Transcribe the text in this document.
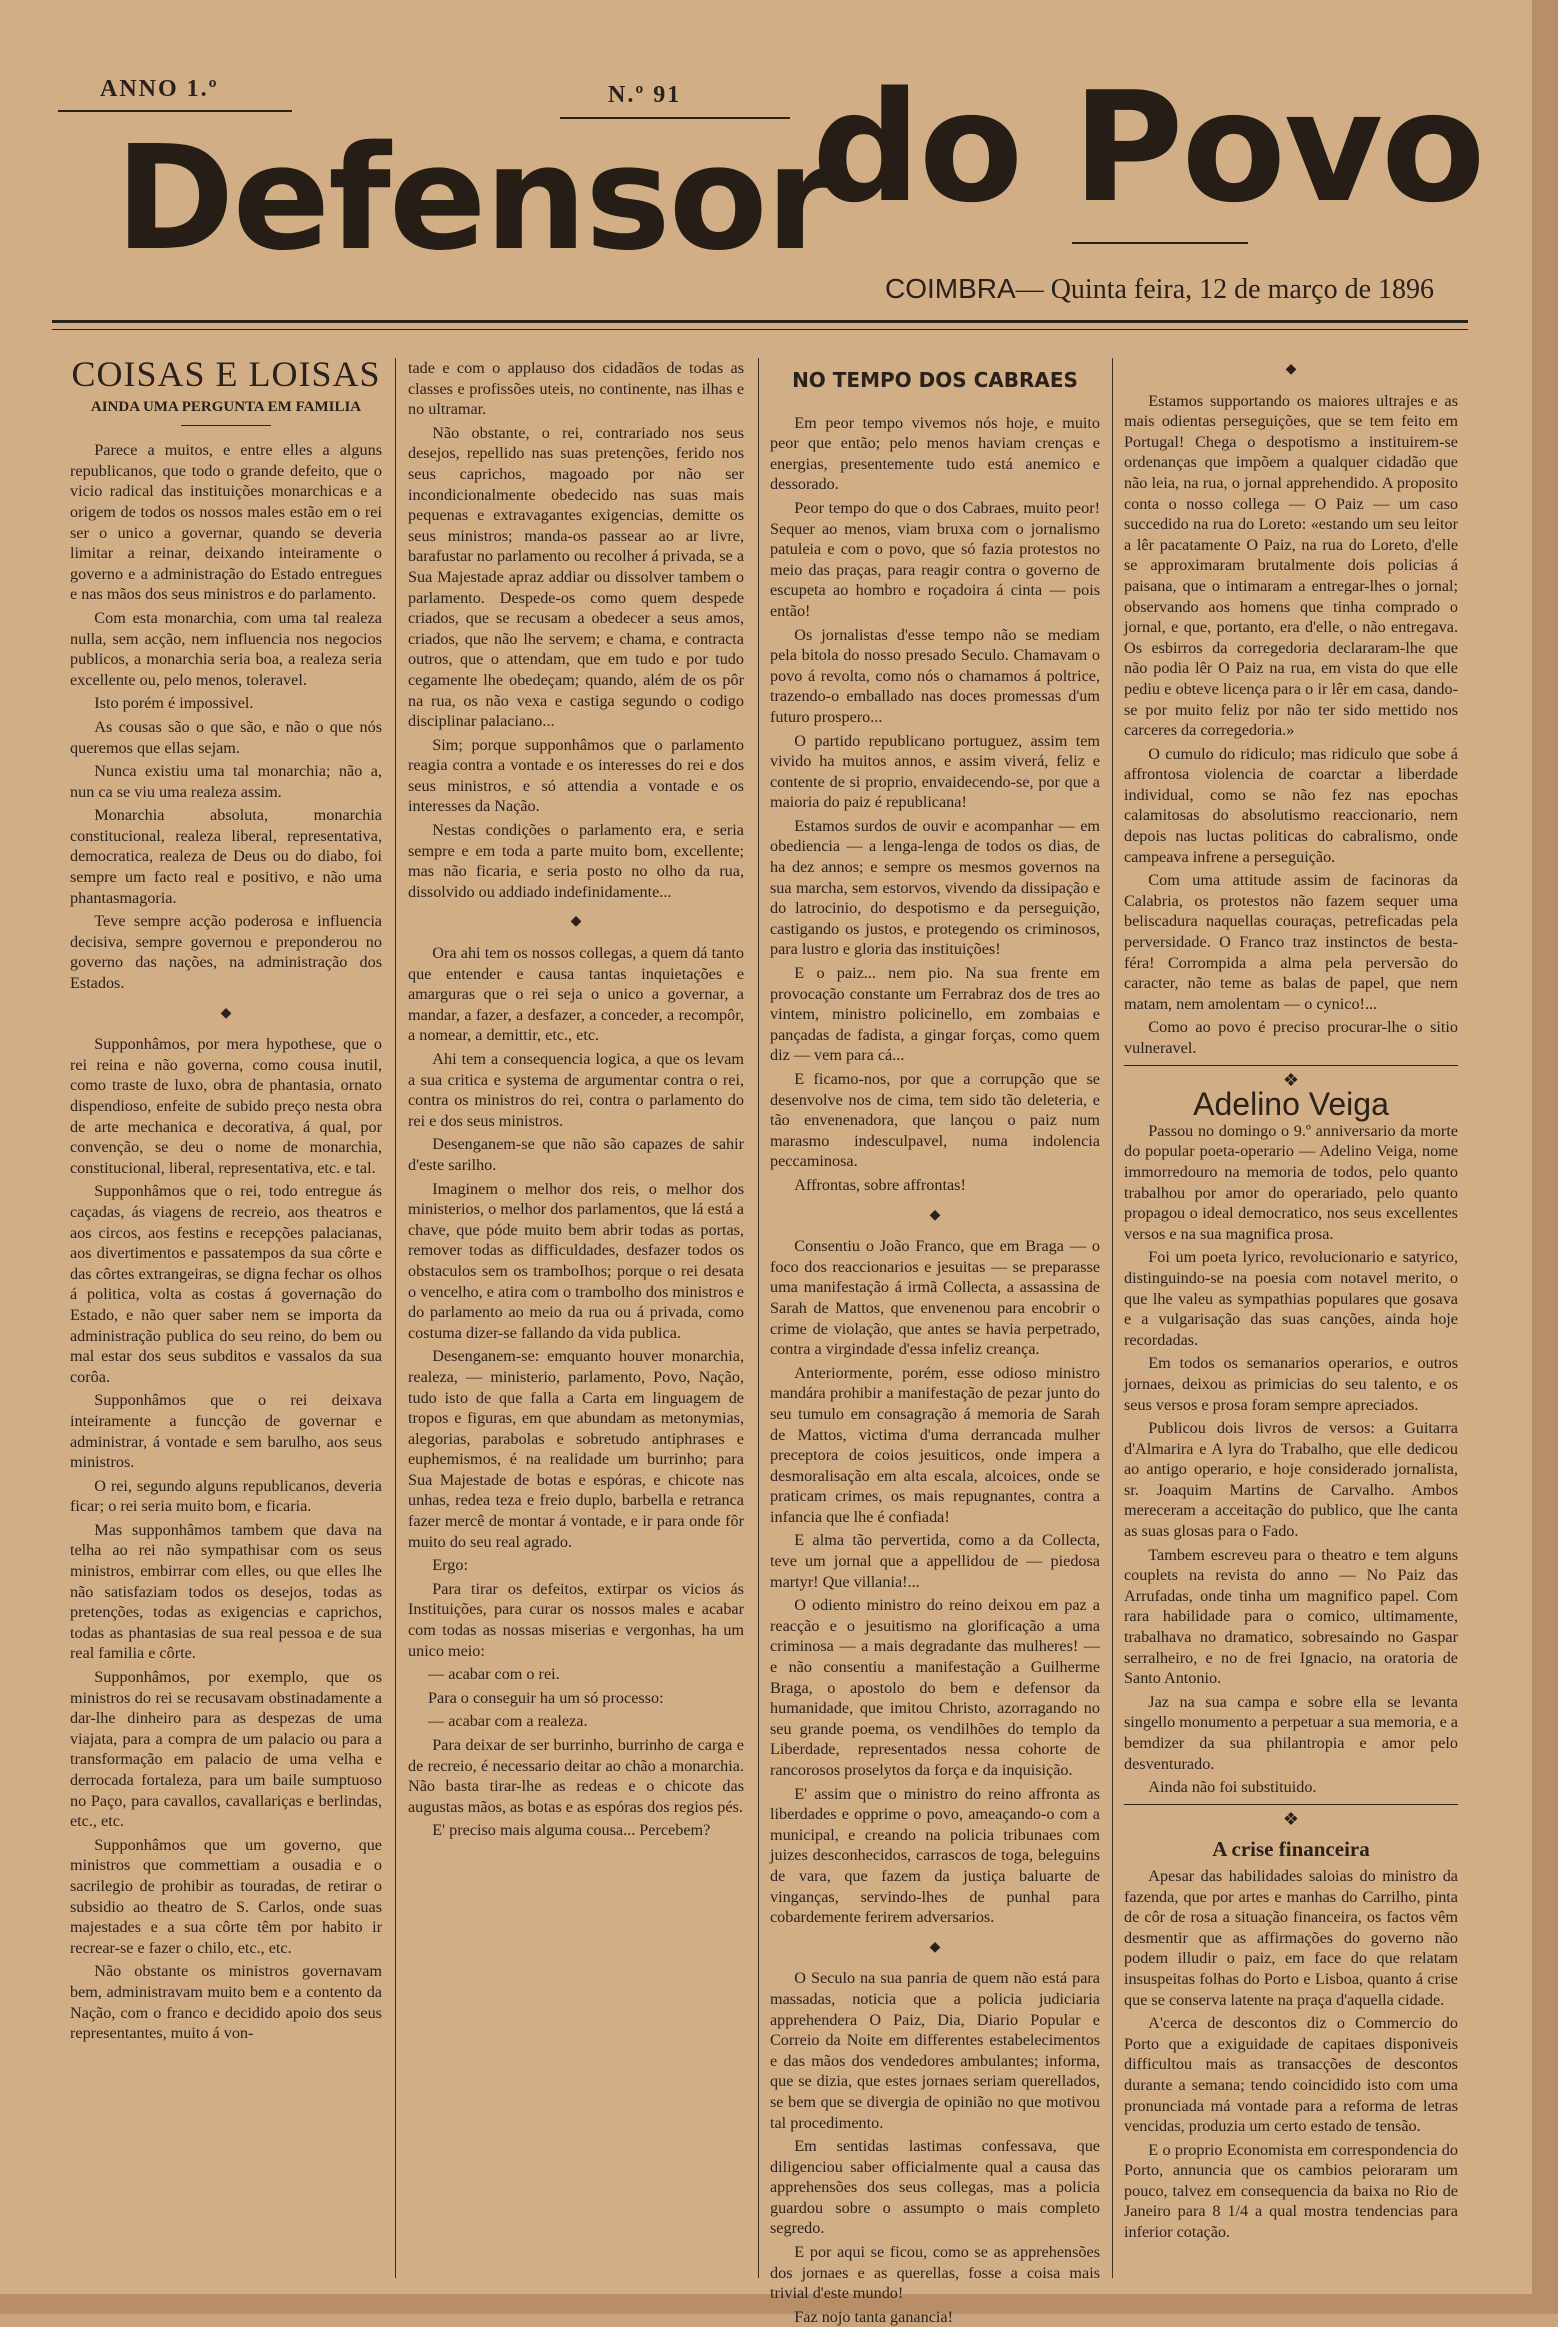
ANNO 1.º	N.º 91
Defensor
do Povo
COIMBRA— Quinta feira, 12 de março de 1896
COISAS E LOISAS
AINDA UMA PERGUNTA EM FAMILIA

Parece a muitos, e entre elles a alguns republicanos, que todo o grande defeito, que o vicio radical das instituições monarchicas e a origem de todos os nossos males estão em o rei ser o unico a governar, quando se deveria limitar a reinar, deixando inteiramente o governo e a administração do Estado entregues e nas mãos dos seus ministros e do parlamento.

Com esta monarchia, com uma tal realeza nulla, sem acção, nem influencia nos negocios publicos, a monarchia seria boa, a realeza seria excellente ou, pelo menos, toleravel.

Isto porém é impossivel.

As cousas são o que são, e não o que nós queremos que ellas sejam.

Nunca existiu uma tal monarchia; não a, nun ca se viu uma realeza assim.

Monarchia absoluta, monarchia constitucional, realeza liberal, representativa, democratica, realeza de Deus ou do diabo, foi sempre um facto real e positivo, e não uma phantasmagoria.

Teve sempre acção poderosa e influencia decisiva, sempre governou e preponderou no governo das nações, na administração dos Estados.

◆

Supponhâmos, por mera hypothese, que o rei reina e não governa, como cousa inutil, como traste de luxo, obra de phantasia, ornato dispendioso, enfeite de subido preço nesta obra de arte mechanica e decorativa, á qual, por convenção, se deu o nome de monarchia, constitucional, liberal, representativa, etc. e tal.

Supponhâmos que o rei, todo entregue ás caçadas, ás viagens de recreio, aos theatros e aos circos, aos festins e recepções palacianas, aos divertimentos e passatempos da sua côrte e das côrtes extrangeiras, se digna fechar os olhos á politica, volta as costas á governação do Estado, e não quer saber nem se importa da administração publica do seu reino, do bem ou mal estar dos seus subditos e vassalos da sua corôa.

Supponhâmos que o rei deixava inteiramente a funcção de governar e administrar, á vontade e sem barulho, aos seus ministros.

O rei, segundo alguns republicanos, deveria ficar; o rei seria muito bom, e ficaria.

Mas supponhâmos tambem que dava na telha ao rei não sympathisar com os seus ministros, embirrar com elles, ou que elles lhe não satisfaziam todos os desejos, todas as pretenções, todas as exigencias e caprichos, todas as phantasias de sua real pessoa e de sua real familia e côrte.

Supponhâmos, por exemplo, que os ministros do rei se recusavam obstinadamente a dar-lhe dinheiro para as despezas de uma viajata, para a compra de um palacio ou para a transformação em palacio de uma velha e derrocada fortaleza, para um baile sumptuoso no Paço, para cavallos, cavallariças e berlindas, etc., etc.

Supponhâmos que um governo, que ministros que commettiam a ousadia e o sacrilegio de prohibir as touradas, de retirar o subsidio ao theatro de S. Carlos, onde suas majestades e a sua côrte têm por habito ir recrear-se e fazer o chilo, etc., etc.

Não obstante os ministros governavam bem, administravam muito bem e a contento da Nação, com o franco e decidido apoio dos seus representantes, muito á von-

tade e com o applauso dos cidadãos de todas as classes e profissões uteis, no continente, nas ilhas e no ultramar.

Não obstante, o rei, contrariado nos seus desejos, repellido nas suas pretenções, ferido nos seus caprichos, magoado por não ser incondicionalmente obedecido nas suas mais pequenas e extravagantes exigencias, demitte os seus ministros; manda-os passear ao ar livre, barafustar no parlamento ou recolher á privada, se a Sua Majestade apraz addiar ou dissolver tambem o parlamento. Despede-os como quem despede criados, que se recusam a obedecer a seus amos, criados, que não lhe servem; e chama, e contracta outros, que o attendam, que em tudo e por tudo cegamente lhe obedeçam; quando, além de os pôr na rua, os não vexa e castiga segundo o codigo disciplinar palaciano...

Sim; porque supponhâmos que o parlamento reagia contra a vontade e os interesses do rei e dos seus ministros, e só attendia a vontade e os interesses da Nação.

Nestas condições o parlamento era, e seria sempre e em toda a parte muito bom, excellente; mas não ficaria, e seria posto no olho da rua, dissolvido ou addiado indefinidamente...

◆

Ora ahi tem os nossos collegas, a quem dá tanto que entender e causa tantas inquietações e amarguras que o rei seja o unico a governar, a mandar, a fazer, a desfazer, a conceder, a recompôr, a nomear, a demittir, etc., etc.

Ahi tem a consequencia logica, a que os levam a sua critica e systema de argumentar contra o rei, contra os ministros do rei, contra o parlamento do rei e dos seus ministros.

Desenganem-se que não são capazes de sahir d'este sarilho.

Imaginem o melhor dos reis, o melhor dos ministerios, o melhor dos parlamentos, que lá está a chave, que póde muito bem abrir todas as portas, remover todas as difficuldades, desfazer todos os obstaculos sem os tramboIhos; porque o rei desata o vencelho, e atira com o trambolho dos ministros e do parlamento ao meio da rua ou á privada, como costuma dizer-se fallando da vida publica.

Desenganem-se: emquanto houver monarchia, realeza, — ministerio, parlamento, Povo, Nação, tudo isto de que falla a Carta em linguagem de tropos e figuras, em que abundam as metonymias, alegorias, parabolas e sobretudo antiphrases e euphemismos, é na realidade um burrinho; para Sua Majestade de botas e espóras, e chicote nas unhas, redea teza e freio duplo, barbella e retranca fazer mercê de montar á vontade, e ir para onde fôr muito do seu real agrado.

Ergo:

Para tirar os defeitos, extirpar os vicios ás Instituições, para curar os nossos males e acabar com todas as nossas miserias e vergonhas, ha um unico meio:

— acabar com o rei.

Para o conseguir ha um só processo:

— acabar com a realeza.

Para deixar de ser burrinho, burrinho de carga e de recreio, é necessario deitar ao chão a monarchia. Não basta tirar-lhe as redeas e o chicote das augustas mãos, as botas e as espóras dos regios pés.

E' preciso mais alguma cousa... Percebem?

NO TEMPO DOS CABRAES

Em peor tempo vivemos nós hoje, e muito peor que então; pelo menos haviam crenças e energias, presentemente tudo está anemico e dessorado.

Peor tempo do que o dos Cabraes, muito peor! Sequer ao menos, viam bruxa com o jornalismo patuleia e com o povo, que só fazia protestos no meio das praças, para reagir contra o governo de escupeta ao hombro e roçadoira á cinta — pois então!

Os jornalistas d'esse tempo não se mediam pela bitola do nosso presado Seculo. Chamavam o povo á revolta, como nós o chamamos á poltrice, trazendo-o emballado nas doces promessas d'um futuro prospero...

O partido republicano portuguez, assim tem vivido ha muitos annos, e assim viverá, feliz e contente de si proprio, envaidecendo-se, por que a maioria do paiz é republicana!

Estamos surdos de ouvir e acompanhar — em obediencia — a lenga-lenga de todos os dias, de ha dez annos; e sempre os mesmos governos na sua marcha, sem estorvos, vivendo da dissipação e do latrocinio, do despotismo e da perseguição, castigando os justos, e protegendo os criminosos, para lustro e gloria das instituições!

E o paiz... nem pio. Na sua frente em provocação constante um Ferrabraz dos de tres ao vintem, ministro policinello, em zombaias e pançadas de fadista, a gingar forças, como quem diz — vem para cá...

E ficamo-nos, por que a corrupção que se desenvolve nos de cima, tem sido tão deleteria, e tão envenenadora, que lançou o paiz num marasmo indesculpavel, numa indolencia peccaminosa.

Affrontas, sobre affrontas!

◆

Consentiu o João Franco, que em Braga — o foco dos reaccionarios e jesuitas — se preparasse uma manifestação á irmã Collecta, a assassina de Sarah de Mattos, que envenenou para encobrir o crime de violação, que antes se havia perpetrado, contra a virgindade d'essa infeliz creança.

Anteriormente, porém, esse odioso ministro mandára prohibir a manifestação de pezar junto do seu tumulo em consagração á memoria de Sarah de Mattos, victima d'uma derrancada mulher preceptora de coios jesuiticos, onde impera a desmoralisação em alta escala, alcoices, onde se praticam crimes, os mais repugnantes, contra a infancia que lhe é confiada!

E alma tão pervertida, como a da Collecta, teve um jornal que a appellidou de — piedosa martyr! Que villania!...

O odiento ministro do reino deixou em paz a reacção e o jesuitismo na glorificação a uma criminosa — a mais degradante das mulheres! — e não consentiu a manifestação a Guilherme Braga, o apostolo do bem e defensor da humanidade, que imitou Christo, azorragando no seu grande poema, os vendilhões do templo da Liberdade, representados nessa cohorte de rancorosos proselytos da força e da inquisição.

E' assim que o ministro do reino affronta as liberdades e opprime o povo, ameaçando-o com a municipal, e creando na policia tribunaes com juizes desconhecidos, carrascos de toga, beleguins de vara, que fazem da justiça baluarte de vinganças, servindo-lhes de punhal para cobardemente ferirem adversarios.

◆

O Seculo na sua panria de quem não está para massadas, noticia que a policia judiciaria apprehendera O Paiz, Dia, Diario Popular e Correio da Noite em differentes estabelecimentos e das mãos dos vendedores ambulantes; informa, que se dizia, que estes jornaes seriam querellados, se bem que se divergia de opinião no que motivou tal procedimento.

Em sentidas lastimas confessava, que diligenciou saber officialmente qual a causa das apprehensões dos seus collegas, mas a policia guardou sobre o assumpto o mais completo segredo.

E por aqui se ficou, como se as apprehensões dos jornaes e as querellas, fosse a coisa mais trivial d'este mundo!

Faz nojo tanta ganancia!

◆

Estamos supportando os maiores ultrajes e as mais odientas perseguições, que se tem feito em Portugal! Chega o despotismo a instituirem-se ordenanças que impõem a qualquer cidadão que não leia, na rua, o jornal apprehendido. A proposito conta o nosso collega — O Paiz — um caso succedido na rua do Loreto: «estando um seu leitor a lêr pacatamente O Paiz, na rua do Loreto, d'elle se approximaram brutalmente dois policias á paisana, que o intimaram a entregar-lhes o jornal; observando aos homens que tinha comprado o jornal, e que, portanto, era d'elle, o não entregava. Os esbirros da corregedoria declararam-lhe que não podia lêr O Paiz na rua, em vista do que elle pediu e obteve licença para o ir lêr em casa, dando-se por muito feliz por não ter sido mettido nos carceres da corregedoria.»

O cumulo do ridiculo; mas ridiculo que sobe á affrontosa violencia de coarctar a liberdade individual, como se não fez nas epochas calamitosas do absolutismo reaccionario, nem depois nas luctas politicas do cabralismo, onde campeava infrene a perseguição.

Com uma attitude assim de facinoras da Calabria, os protestos não fazem sequer uma beliscadura naquellas couraças, petreficadas pela perversidade. O Franco traz instinctos de besta-féra! Corrompida a alma pela perversão do caracter, não teme as balas de papel, que nem matam, nem amolentam — o cynico!...

Como ao povo é preciso procurar-lhe o sitio vulneravel.

❖
Adelino Veiga

Passou no domingo o 9.º anniversario da morte do popular poeta-operario — Adelino Veiga, nome immorredouro na memoria de todos, pelo quanto trabalhou por amor do operariado, pelo quanto propagou o ideal democratico, nos seus excellentes versos e na sua magnifica prosa.

Foi um poeta lyrico, revolucionario e satyrico, distinguindo-se na poesia com notavel merito, o que lhe valeu as sympathias populares que gosava e a vulgarisação das suas canções, ainda hoje recordadas.

Em todos os semanarios operarios, e outros jornaes, deixou as primicias do seu talento, e os seus versos e prosa foram sempre apreciados.

Publicou dois livros de versos: a Guitarra d'Almarira e A lyra do Trabalho, que elle dedicou ao antigo operario, e hoje considerado jornalista, sr. Joaquim Martins de Carvalho. Ambos mereceram a acceitação do publico, que lhe canta as suas glosas para o Fado.

Tambem escreveu para o theatro e tem alguns couplets na revista do anno — No Paiz das Arrufadas, onde tinha um magnifico papel. Com rara habilidade para o comico, ultimamente, trabalhava no dramatico, sobresaindo no Gaspar serralheiro, e no de frei Ignacio, na oratoria de Santo Antonio.

Jaz na sua campa e sobre ella se levanta singello monumento a perpetuar a sua memoria, e a bemdizer da sua philantropia e amor pelo desventurado.

Ainda não foi substituido.

❖
A crise financeira

Apesar das habilidades saloias do ministro da fazenda, que por artes e manhas do Carrilho, pinta de côr de rosa a situação financeira, os factos vêm desmentir que as affirmações do governo não podem illudir o paiz, em face do que relatam insuspeitas folhas do Porto e Lisboa, quanto á crise que se conserva latente na praça d'aquella cidade.

A'cerca de descontos diz o Commercio do Porto que a exiguidade de capitaes disponiveis difficultou mais as transacções de descontos durante a semana; tendo coincidido isto com uma pronunciada má vontade para a reforma de letras vencidas, produzia um certo estado de tensão.

E o proprio Economista em correspondencia do Porto, annuncia que os cambios peioraram um pouco, talvez em consequencia da baixa no Rio de Janeiro para 8 1/4 a qual mostra tendencias para inferior cotação.
